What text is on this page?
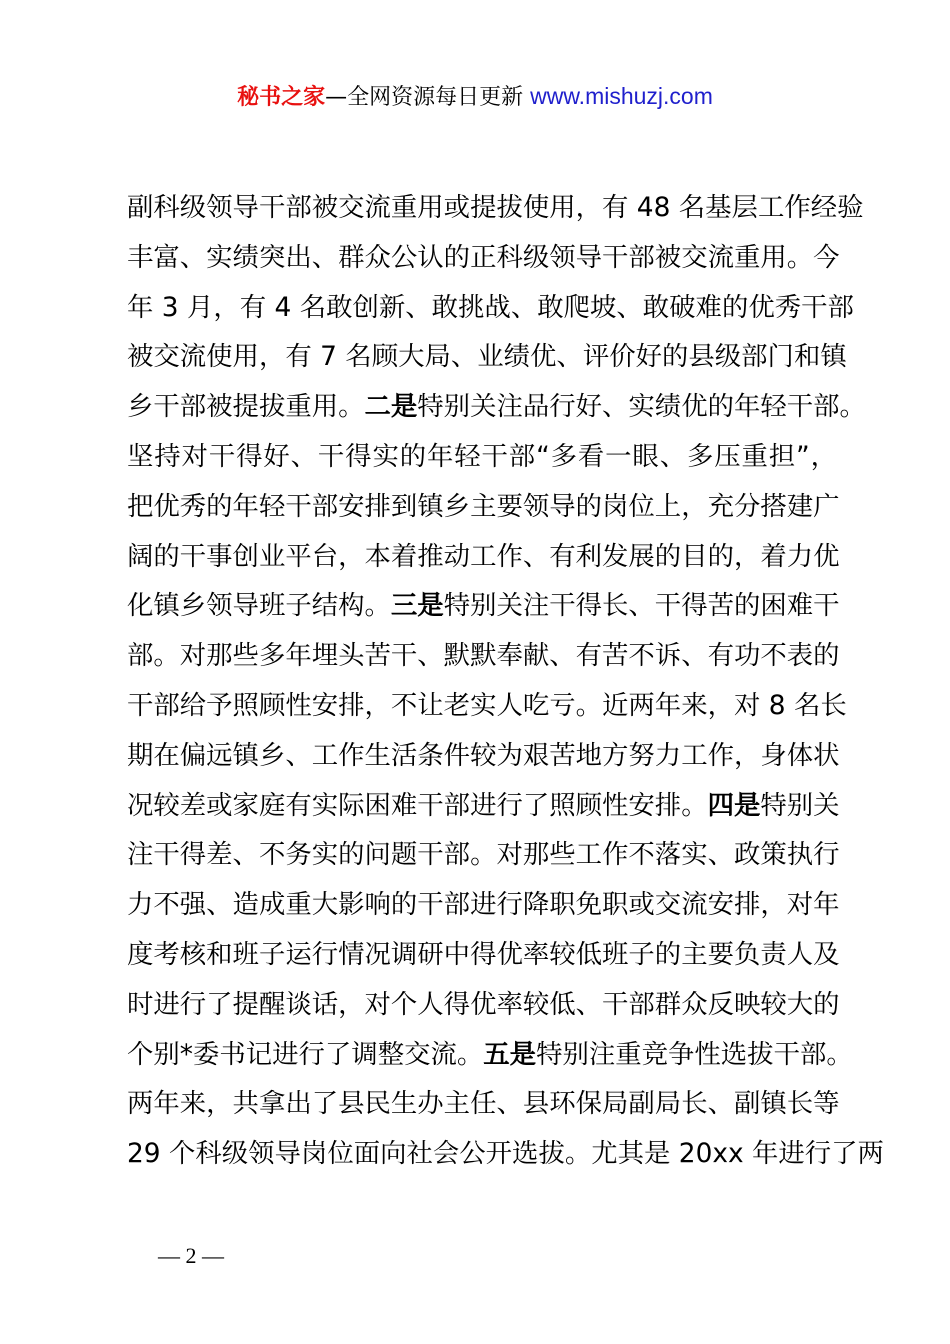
秘书之家—全网资源每日更新 www.mishuzj.com
副科级领导干部被交流重用或提拔使用，有 48 名基层工作经验
丰富、实绩突出、群众公认的正科级领导干部被交流重用。今
年 3 月，有 4 名敢创新、敢挑战、敢爬坡、敢破难的优秀干部
被交流使用，有 7 名顾大局、业绩优、评价好的县级部门和镇
乡干部被提拔重用。二是特别关注品行好、实绩优的年轻干部。
坚持对干得好、干得实的年轻干部“多看一眼、多压重担”，
把优秀的年轻干部安排到镇乡主要领导的岗位上，充分搭建广
阔的干事创业平台，本着推动工作、有利发展的目的，着力优
化镇乡领导班子结构。三是特别关注干得长、干得苦的困难干
部。对那些多年埋头苦干、默默奉献、有苦不诉、有功不表的
干部给予照顾性安排，不让老实人吃亏。近两年来，对 8 名长
期在偏远镇乡、工作生活条件较为艰苦地方努力工作，身体状
况较差或家庭有实际困难干部进行了照顾性安排。四是特别关
注干得差、不务实的问题干部。对那些工作不落实、政策执行
力不强、造成重大影响的干部进行降职免职或交流安排，对年
度考核和班子运行情况调研中得优率较低班子的主要负责人及
时进行了提醒谈话，对个人得优率较低、干部群众反映较大的
个别*委书记进行了调整交流。五是特别注重竞争性选拔干部。
两年来，共拿出了县民生办主任、县环保局副局长、副镇长等
29 个科级领导岗位面向社会公开选拔。尤其是 20xx 年进行了两
— 2 —
